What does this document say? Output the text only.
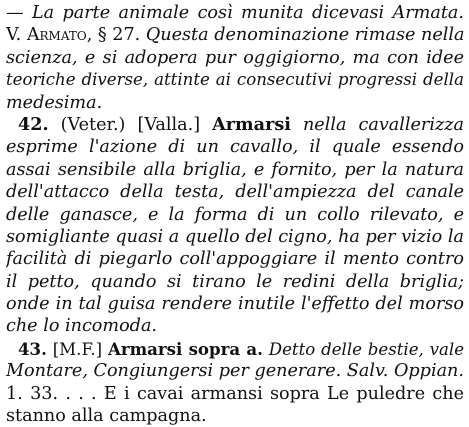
— La parte animale così munita dicevasi Armata.
V. Armato, § 27. Questa denominazione rimase nella
scienza, e si adopera pur oggigiorno, ma con idee
teoriche diverse, attinte ai consecutivi progressi della
medesima.
42. (Veter.) [Valla.] Armarsi nella cavallerizza
esprime l'azione di un cavallo, il quale essendo
assai sensibile alla briglia, e fornito, per la natura
dell'attacco della testa, dell'ampiezza del canale
delle ganasce, e la forma di un collo rilevato, e
somigliante quasi a quello del cigno, ha per vizio la
facilità di piegarlo coll'appoggiare il mento contro
il petto, quando si tirano le redini della briglia;
onde in tal guisa rendere inutile l'effetto del morso
che lo incomoda.
43. [M.F.] Armarsi sopra a. Detto delle bestie, vale
Montare, Congiungersi per generare. Salv. Oppian.
1. 33. . . . E i cavai armansi sopra Le puledre che
stanno alla campagna.
